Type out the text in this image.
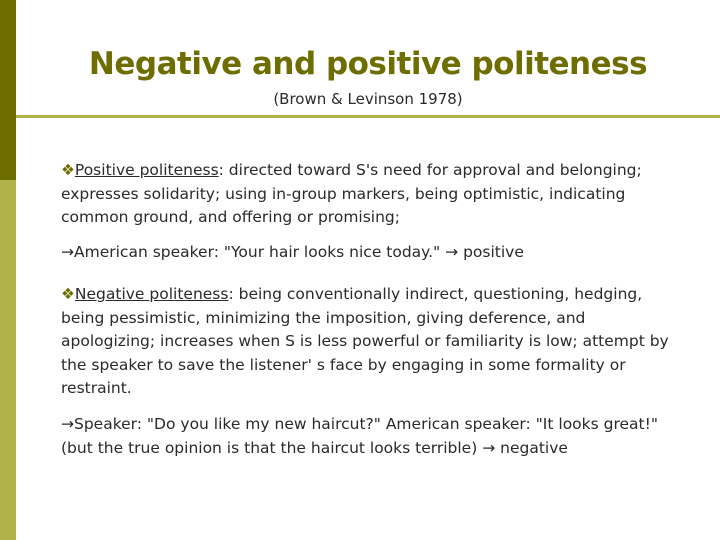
Negative and positive politeness
(Brown & Levinson 1978)
❖Positive politeness: directed toward S's need for approval and belonging; expresses solidarity; using in-group markers, being optimistic, indicating common ground, and offering or promising;
→American speaker: "Your hair looks nice today." → positive
❖Negative politeness: being conventionally indirect, questioning, hedging, being pessimistic, minimizing the imposition, giving deference, and apologizing; increases when S is less powerful or familiarity is low; attempt by the speaker to save the listener' s face by engaging in some formality or restraint.
→Speaker: "Do you like my new haircut?" American speaker: "It looks great!" (but the true opinion is that the haircut looks terrible) → negative
